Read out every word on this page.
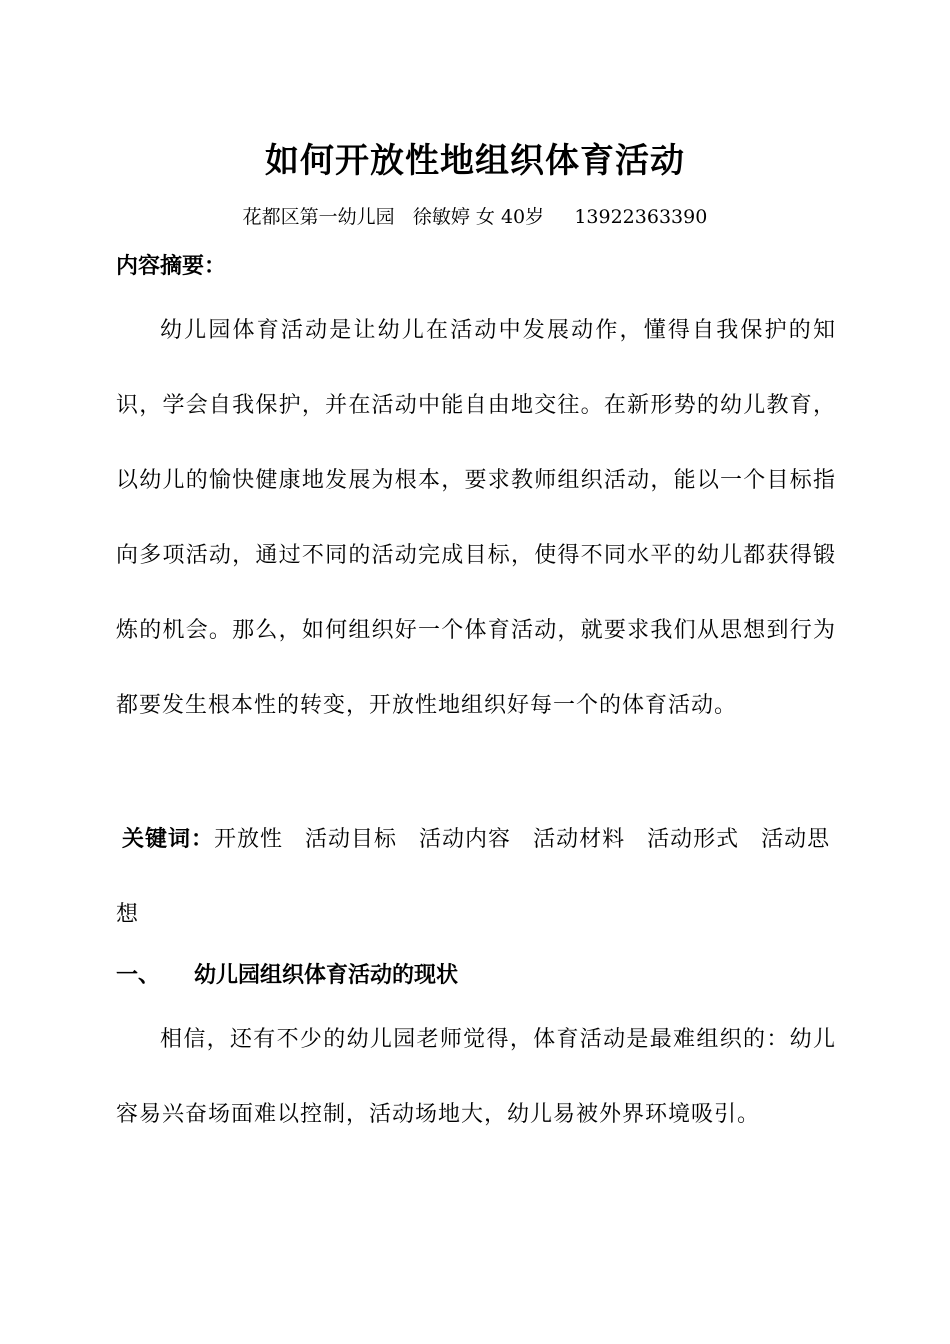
如何开放性地组织体育活动
花都区第一幼儿园 徐敏婷 女 40岁 13922363390
内容摘要：
幼儿园体育活动是让幼儿在活动中发展动作，懂得自我保护的知识，学会自我保护，并在活动中能自由地交往。在新形势的幼儿教育，以幼儿的愉快健康地发展为根本，要求教师组织活动，能以一个目标指向多项活动，通过不同的活动完成目标，使得不同水平的幼儿都获得锻炼的机会。那么，如何组织好一个体育活动，就要求我们从思想到行为都要发生根本性的转变，开放性地组织好每一个的体育活动。
关键词：开放性 活动目标 活动内容 活动材料 活动形式 活动思想
一、 幼儿园组织体育活动的现状
相信，还有不少的幼儿园老师觉得，体育活动是最难组织的：幼儿容易兴奋场面难以控制，活动场地大，幼儿易被外界环境吸引。
